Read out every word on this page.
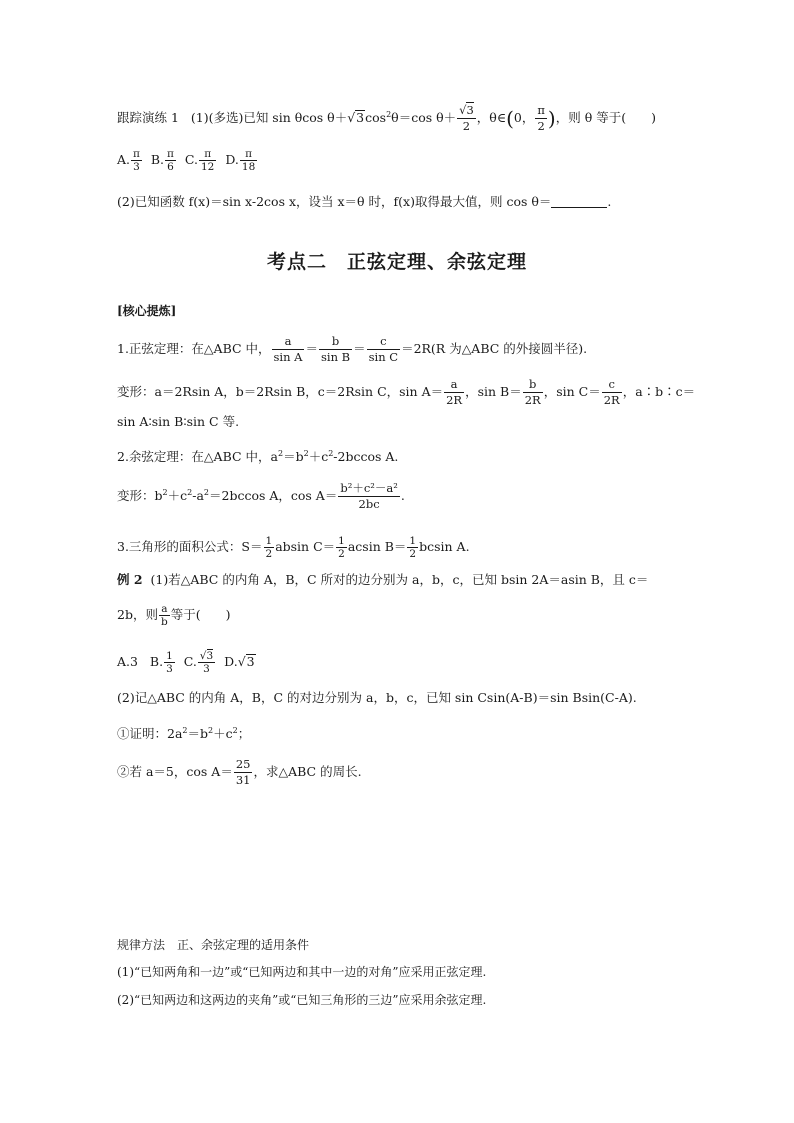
跟踪演练 1 (1)(多选)已知 sin θcos $\theta+√3\cos^2\theta=\cos$ $\theta+ \frac{√3}{2}$ ，θ∈(0， $\frac{\pi}{2}$ )，则 θ 等于(　　)
A. $\frac{\pi}{3} B$. $\frac{\pi}{6} C$. $\frac{\pi}{12} D$. $\frac{\pi}{18}$
(2)已知函数 f(x)＝sin x-2cos x，设当 x＝θ 时，f(x)取得最大值，则 cos θ＝	.
考点二　正弦定理、余弦定理
[核心提炼]
1.正弦定理：在△ABC 中， $\frac{a}{\text{sin A}} = \frac{b}{\text{sin B}} = \frac{c}{\text{sin C}} =2R(R$ 为△ABC 的外接圆半径).
变形：a＝2Rsin A，b＝2Rsin B，c＝2Rsin C，$\sin A= \frac{a}{2R}$ ，$\sin B= \frac{b}{2R}$ ，$\sin C= \frac{c}{2R}$ ，a∶b∶c＝
sin A∶sin B∶sin C 等.
2.余弦定理：在△ABC 中，$a^2=b^2+c^2-2bccos$ A.
变形：$b^2+c^2-a^2=2bccos$ A，$\cos A= \frac{\text{b²＋c²－a²}}{2bc}$ .
3.三角形的面积公式：$S= \frac{1}{2}$ absin $C= \frac{1}{2}$ acsin $B= \frac{1}{2}$ bcsin A.
例 2 (1)若△ABC 的内角 A，B，C 所对的边分别为 a，b，c，已知 bsin 2A＝asin B，且 c＝
2b，则 $\frac{a}{b}$ 等于(　　)
A.3 B. $\frac{1}{3} C$. $\frac{√3}{3} D.√3$
(2)记△ABC 的内角 A，B，C 的对边分别为 a，b，c，已知 sin Csin(A-B)＝sin Bsin(C-A).
①证明：$2a^2=b^2+c^2$；
②若 a＝5，$\cos A= \frac{25}{31}$ ，求△ABC 的周长.
规律方法　正、余弦定理的适用条件
(1)“已知两角和一边”或“已知两边和其中一边的对角”应采用正弦定理.
(2)“已知两边和这两边的夹角”或“已知三角形的三边”应采用余弦定理.
